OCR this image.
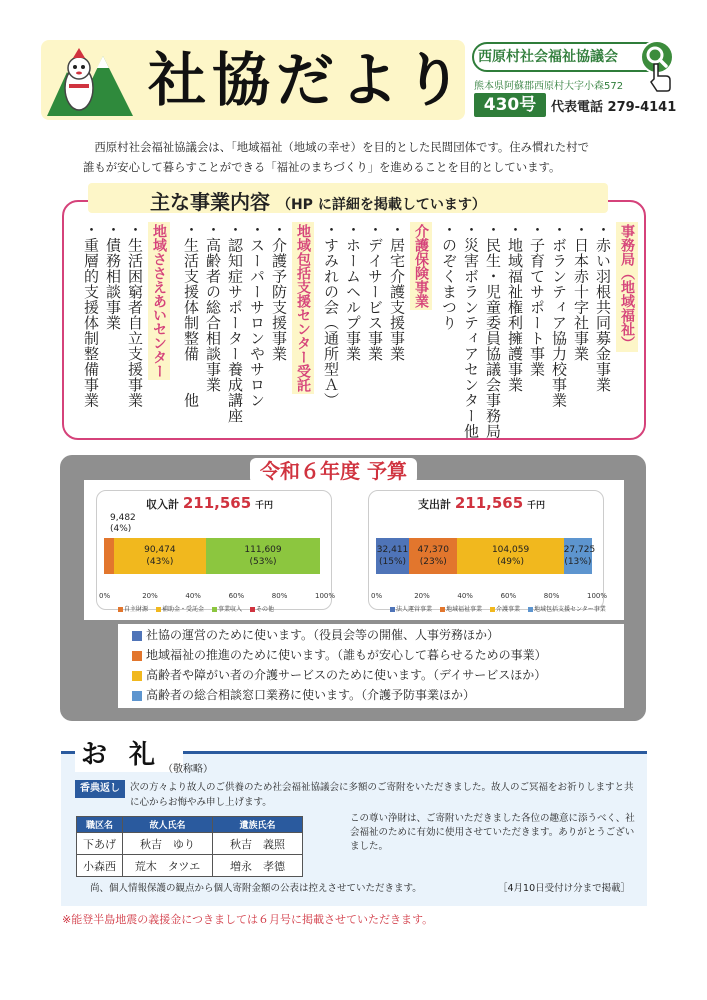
社協だより 西原村社会福祉協議会
熊本県阿蘇郡西原村大字小森572
430号	代表電話 279-4141

西原村社会福祉協議会は、「地域福祉（地域の幸せ）を目的とした民間団体です。住み慣れた村で

誰もが安心して暮らすことができる「福祉のまちづくり」を進めることを目的としています。

主な事業内容 （HP に詳細を掲載しています）
事務局（地域福祉）
・赤い羽根共同募金事業
・日本赤十字社事業
・ボランティア協力校事業
・子育てサポート事業
・地域福祉権利擁護事業
・民生・児童委員協議会事務局
・災害ボランティアセンター他
・のぞくまつり
介護保険事業
・居宅介護支援事業
・デイサービス事業
・ホームヘルプ事業
・すみれの会（通所型Ａ）
地域包括支援センター受託
・介護予防支援事業
・スーパーサロンやサロン
・認知症サポーター養成講座
・高齢者の総合相談事業
・生活支援体制整備　　他
地域ささえあいセンター
・生活困窮者自立支援事業
・債務相談事業
・重層的支援体制整備事業
令和６年度 予算
収入計 211,565 千円
9,482
(4%)
90,474
(43%)
111,609
(53%)
0%	20%	40%	60%	80%	100%
自主財源	補助金・受託金	事業収入	その他
支出計 211,565 千円
32,411
(15%)
47,370
(23%)
104,059
(49%)
27,725
(13%)
0%	20%	40%	60%	80%	100%
法人運営事業	地域福祉事業	介護事業	地域包括支援センター事業
社協の運営のために使います。（役員会等の開催、人事労務ほか）
地域福祉の推進のために使います。（誰もが安心して暮らせるための事業）
高齢者や障がい者の介護サービスのために使います。（デイサービスほか）
高齢者の総合相談窓口業務に使います。（介護予防事業ほか）
お礼
（敬称略）
香典返し	次の方々より故人のご供養のため社会福祉協議会に多額のご寄附をいただきました。故人のご冥福をお祈りしますと共に心からお悔やみ申し上げます。
職区名	故人氏名	遺族氏名
下あげ	秋吉　ゆり	秋吉　義照
小森西	荒木　タツエ	増永　孝德
この尊い浄財は、ご寄附いただきました各位の趣意に添うべく、社会福祉のために有効に使用させていただきます。ありがとうございました。
尚、個人情報保護の観点から個人寄附金額の公表は控えさせていただきます。	［4月10日受付け分まで掲載］
※能登半島地震の義援金につきましては６月号に掲載させていただきます。
